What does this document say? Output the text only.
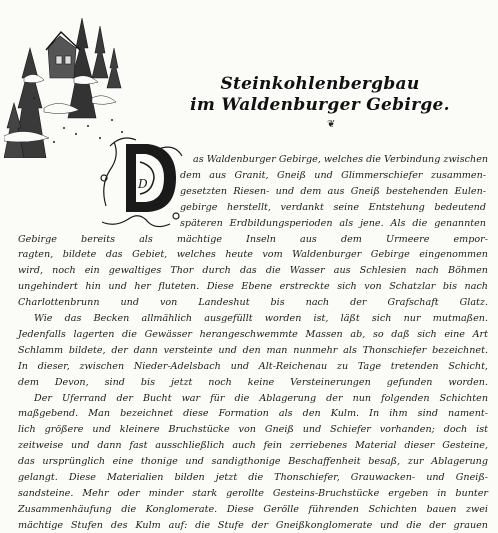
Steinkohlenbergbau
im Waldenburger Gebirge.
❦
D
as Waldenburger Gebirge, welches die Verbindung zwischen
dem aus Granit, Gneiß und Glimmerschiefer zusammen-
gesetzten Riesen- und dem aus Gneiß bestehenden Eulen-
gebirge herstellt, verdankt seine Entstehung bedeutend
späteren Erdbildungsperioden als jene. Als die genannten
Gebirge bereits als mächtige Inseln aus dem Urmeere empor-
ragten, bildete das Gebiet, welches heute vom Waldenburger Gebirge eingenommen
wird, noch ein gewaltiges Thor durch das die Wasser aus Schlesien nach Böhmen
ungehindert hin und her fluteten. Diese Ebene erstreckte sich von Schatzlar bis nach
Charlottenbrunn und von Landeshut bis nach der Grafschaft Glatz.
Wie das Becken allmählich ausgefüllt worden ist, läßt sich nur mutmaßen.
Jedenfalls lagerten die Gewässer herangeschwemmte Massen ab, so daß sich eine Art
Schlamm bildete, der dann versteinte und den man nunmehr als Thonschiefer bezeichnet.
In dieser, zwischen Nieder-Adelsbach und Alt-Reichenau zu Tage tretenden Schicht,
dem Devon, sind bis jetzt noch keine Versteinerungen gefunden worden.
Der Uferrand der Bucht war für die Ablagerung der nun folgenden Schichten
maßgebend. Man bezeichnet diese Formation als den Kulm. In ihm sind nament-
lich größere und kleinere Bruchstücke von Gneiß und Schiefer vorhanden; doch ist
zeitweise und dann fast ausschließlich auch fein zerriebenes Material dieser Gesteine,
das ursprünglich eine thonige und sandigthonige Beschaffenheit besaß, zur Ablagerung
gelangt. Diese Materialien bilden jetzt die Thonschiefer, Grauwacken- und Gneiß-
sandsteine. Mehr oder minder stark gerollte Gesteins-Bruchstücke ergeben in bunter
Zusammenhäufung die Konglomerate. Diese Gerölle führenden Schichten bauen zwei
mächtige Stufen des Kulm auf: die Stufe der Gneißkonglomerate und die der grauen
